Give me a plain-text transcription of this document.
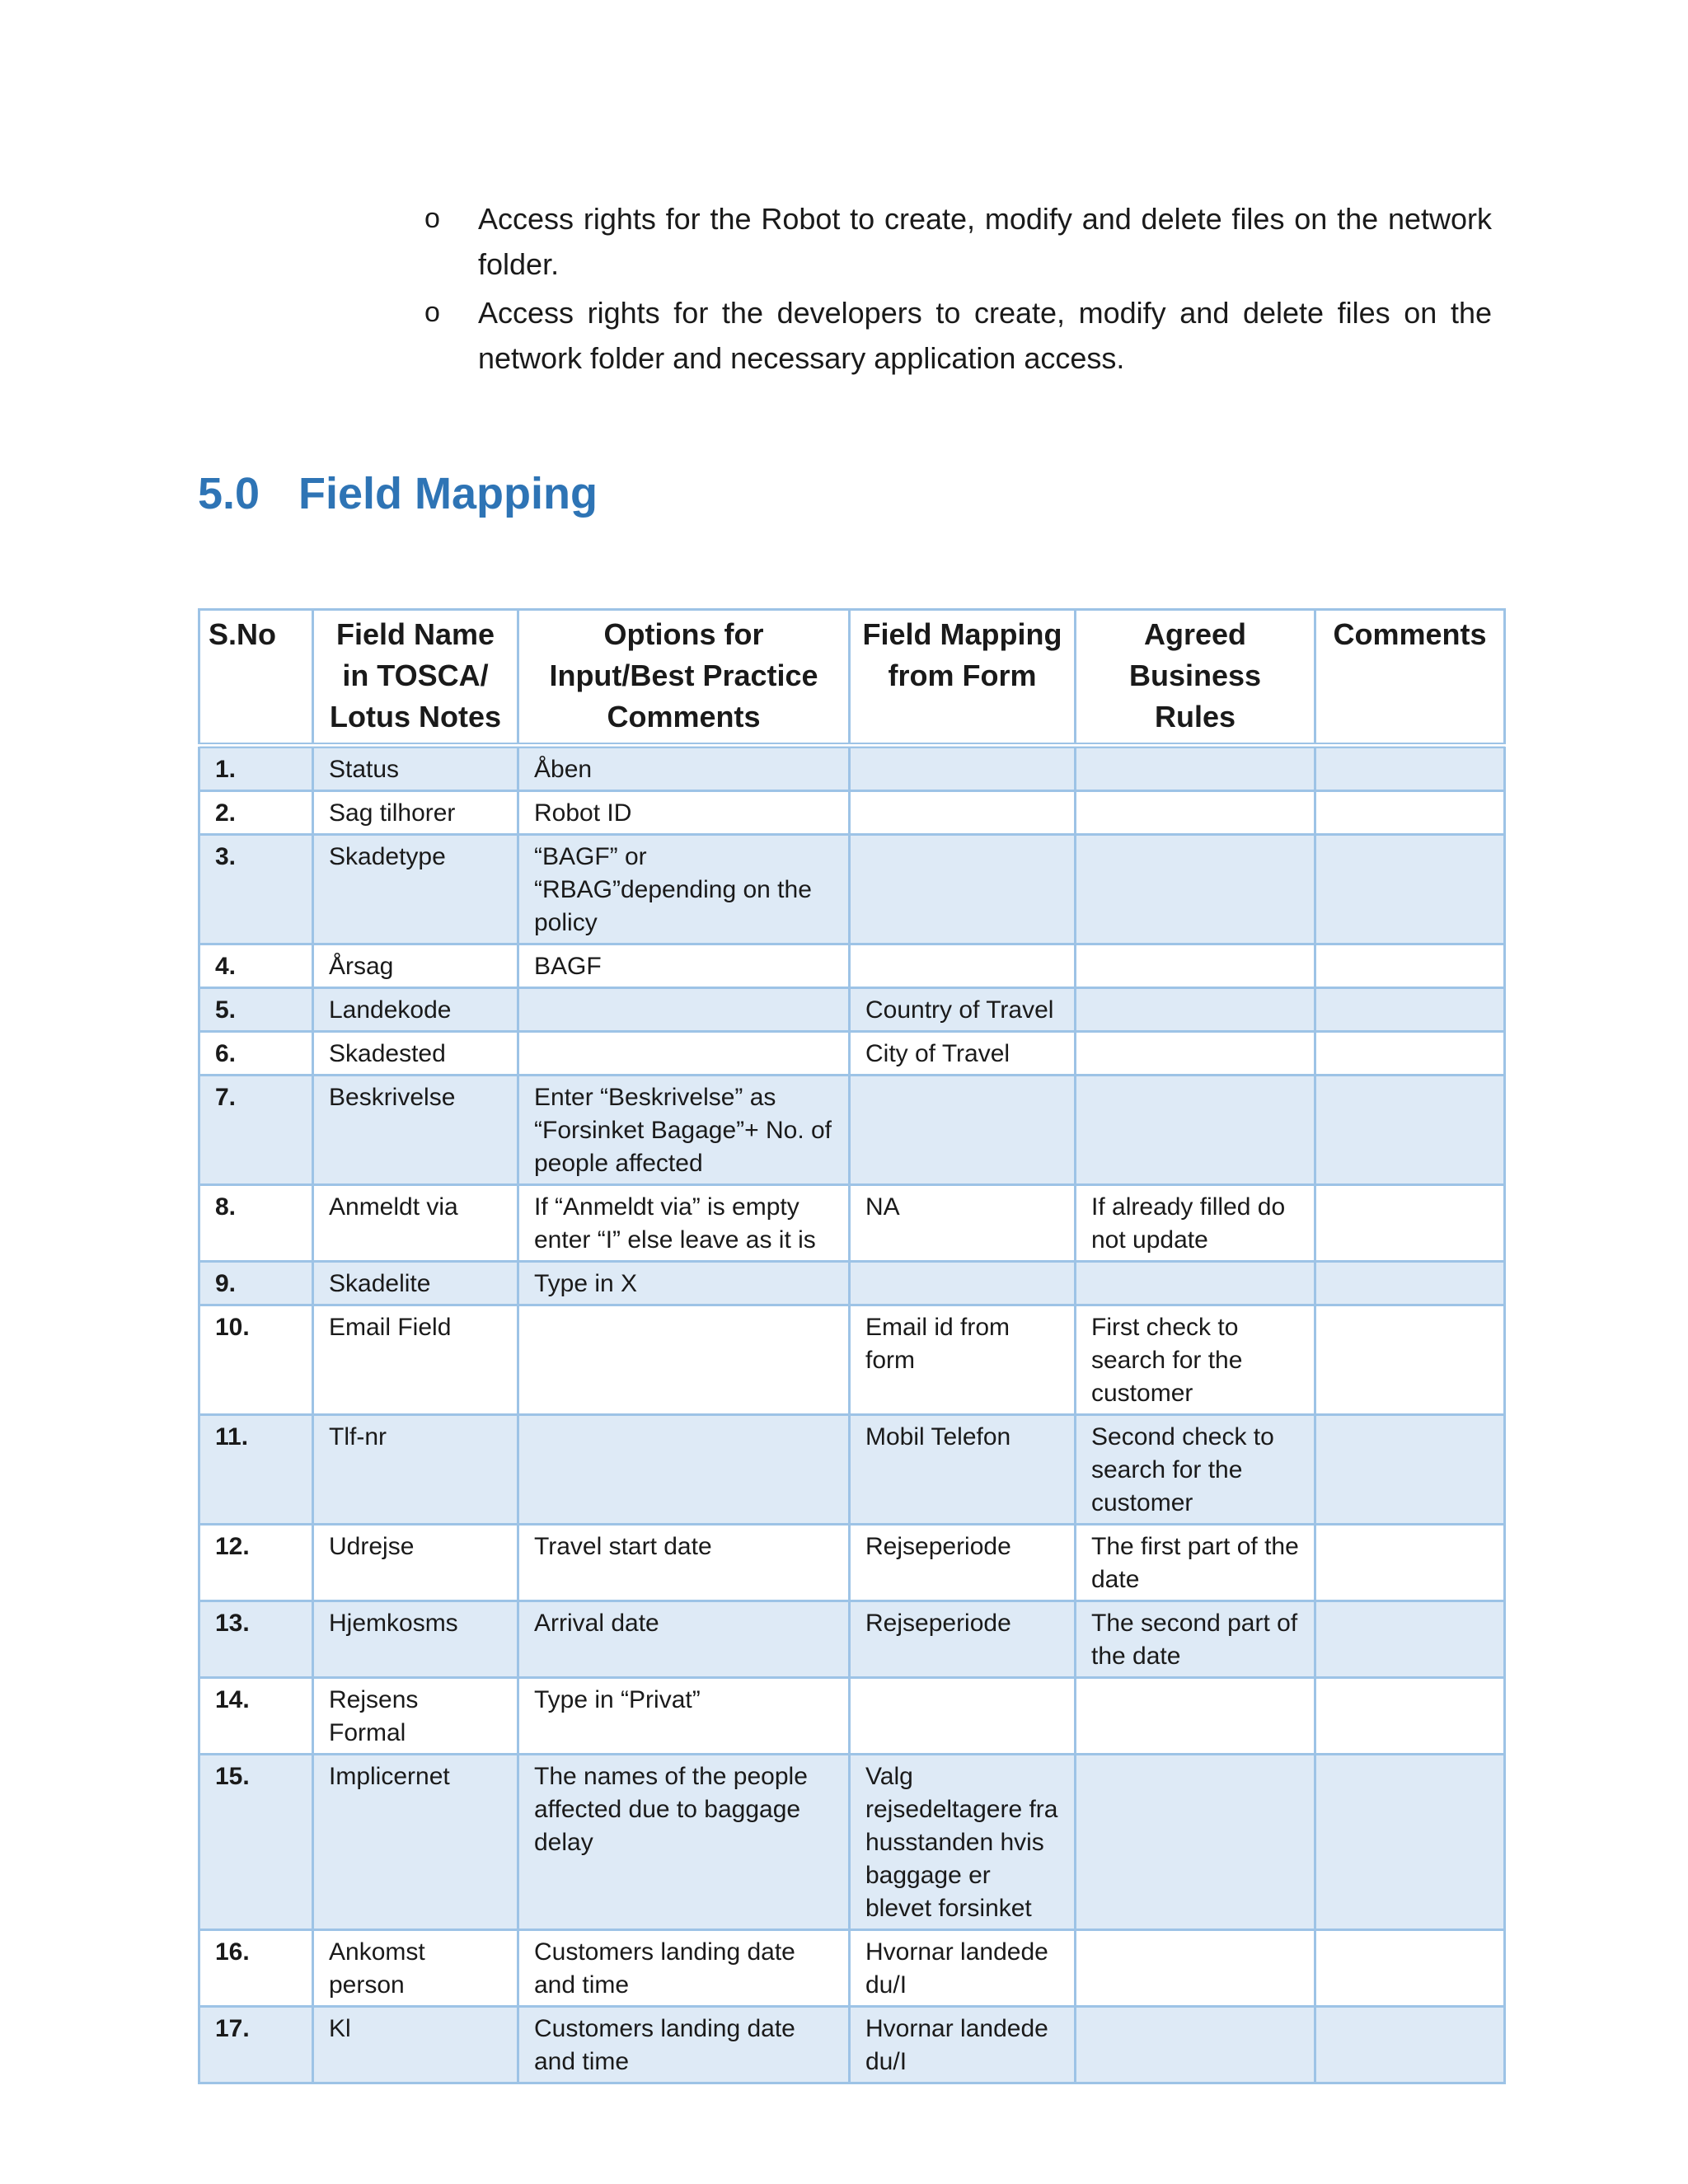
o Access rights for the Robot to create, modify and delete files on the network folder.
o Access rights for the developers to create, modify and delete files on the network folder and necessary application access.
5.0 Field Mapping
S.No	Field Name in TOSCA/ Lotus Notes	Options for Input/Best Practice Comments	Field Mapping from Form	Agreed Business Rules	Comments
1.	Status	Åben			
2.	Sag tilhorer	Robot ID			
3.	Skadetype	“BAGF” or “RBAG”depending on the policy			
4.	Årsag	BAGF			
5.	Landekode		Country of Travel		
6.	Skadested		City of Travel		
7.	Beskrivelse	Enter “Beskrivelse” as “Forsinket Bagage”+ No. of people affected			
8.	Anmeldt via	If “Anmeldt via” is empty enter “I” else leave as it is	NA	If already filled do not update	
9.	Skadelite	Type in X			
10.	Email Field		Email id from form	First check to search for the customer	
11.	Tlf-nr		Mobil Telefon	Second check to search for the customer	
12.	Udrejse	Travel start date	Rejseperiode	The first part of the date	
13.	Hjemkosms	Arrival date	Rejseperiode	The second part of the date	
14.	Rejsens Formal	Type in “Privat”			
15.	Implicernet	The names of the people affected due to baggage delay	Valg rejsedeltagere fra husstanden hvis baggage er blevet forsinket		
16.	Ankomst person	Customers landing date and time	Hvornar landede du/I		
17.	Kl	Customers landing date and time	Hvornar landede du/I		
